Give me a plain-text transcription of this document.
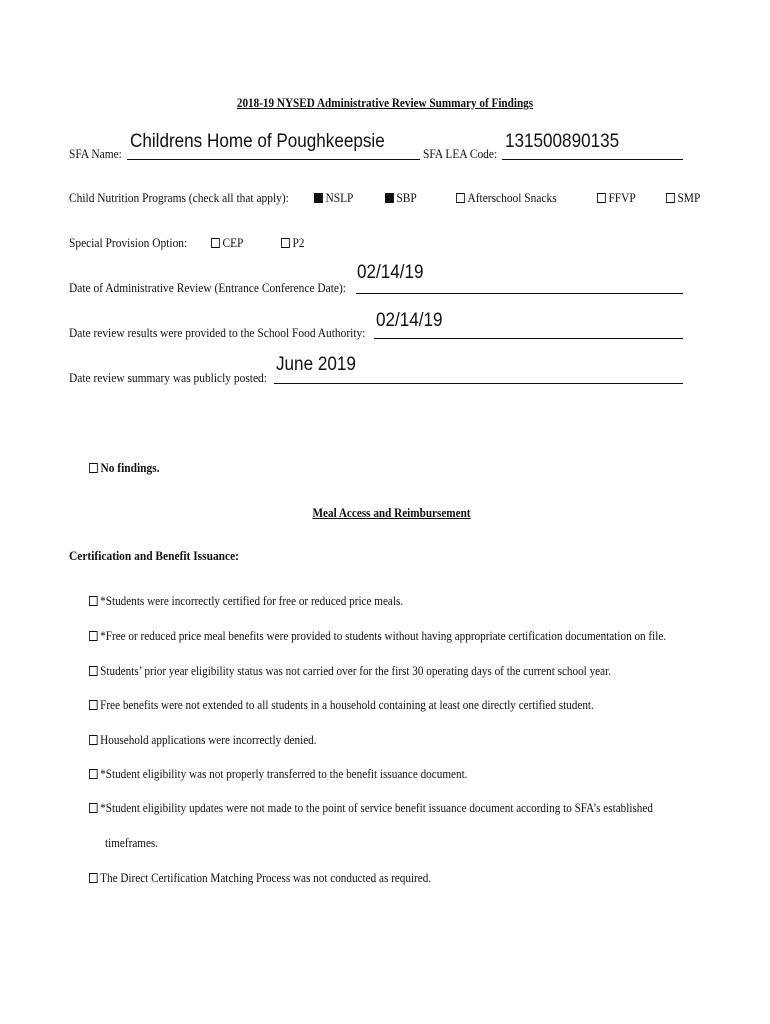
2018-19 NYSED Administrative Review Summary of Findings
SFA Name:
Childrens Home of Poughkeepsie
SFA LEA Code:
131500890135
Child Nutrition Programs (check all that apply):	NSLP	SBP	Afterschool Snacks	FFVP	SMP
Special Provision Option:	CEP	P2
Date of Administrative Review (Entrance Conference Date):
02/14/19
Date review results were provided to the School Food Authority:
02/14/19
Date review summary was publicly posted:
June 2019
No findings.
Meal Access and Reimbursement
Certification and Benefit Issuance:
*Students were incorrectly certified for free or reduced price meals.
*Free or reduced price meal benefits were provided to students without having appropriate certification documentation on file.
Students’ prior year eligibility status was not carried over for the first 30 operating days of the current school year.
Free benefits were not extended to all students in a household containing at least one directly certified student.
Household applications were incorrectly denied.
*Student eligibility was not properly transferred to the benefit issuance document.
*Student eligibility updates were not made to the point of service benefit issuance document according to SFA’s established
timeframes.
The Direct Certification Matching Process was not conducted as required.
